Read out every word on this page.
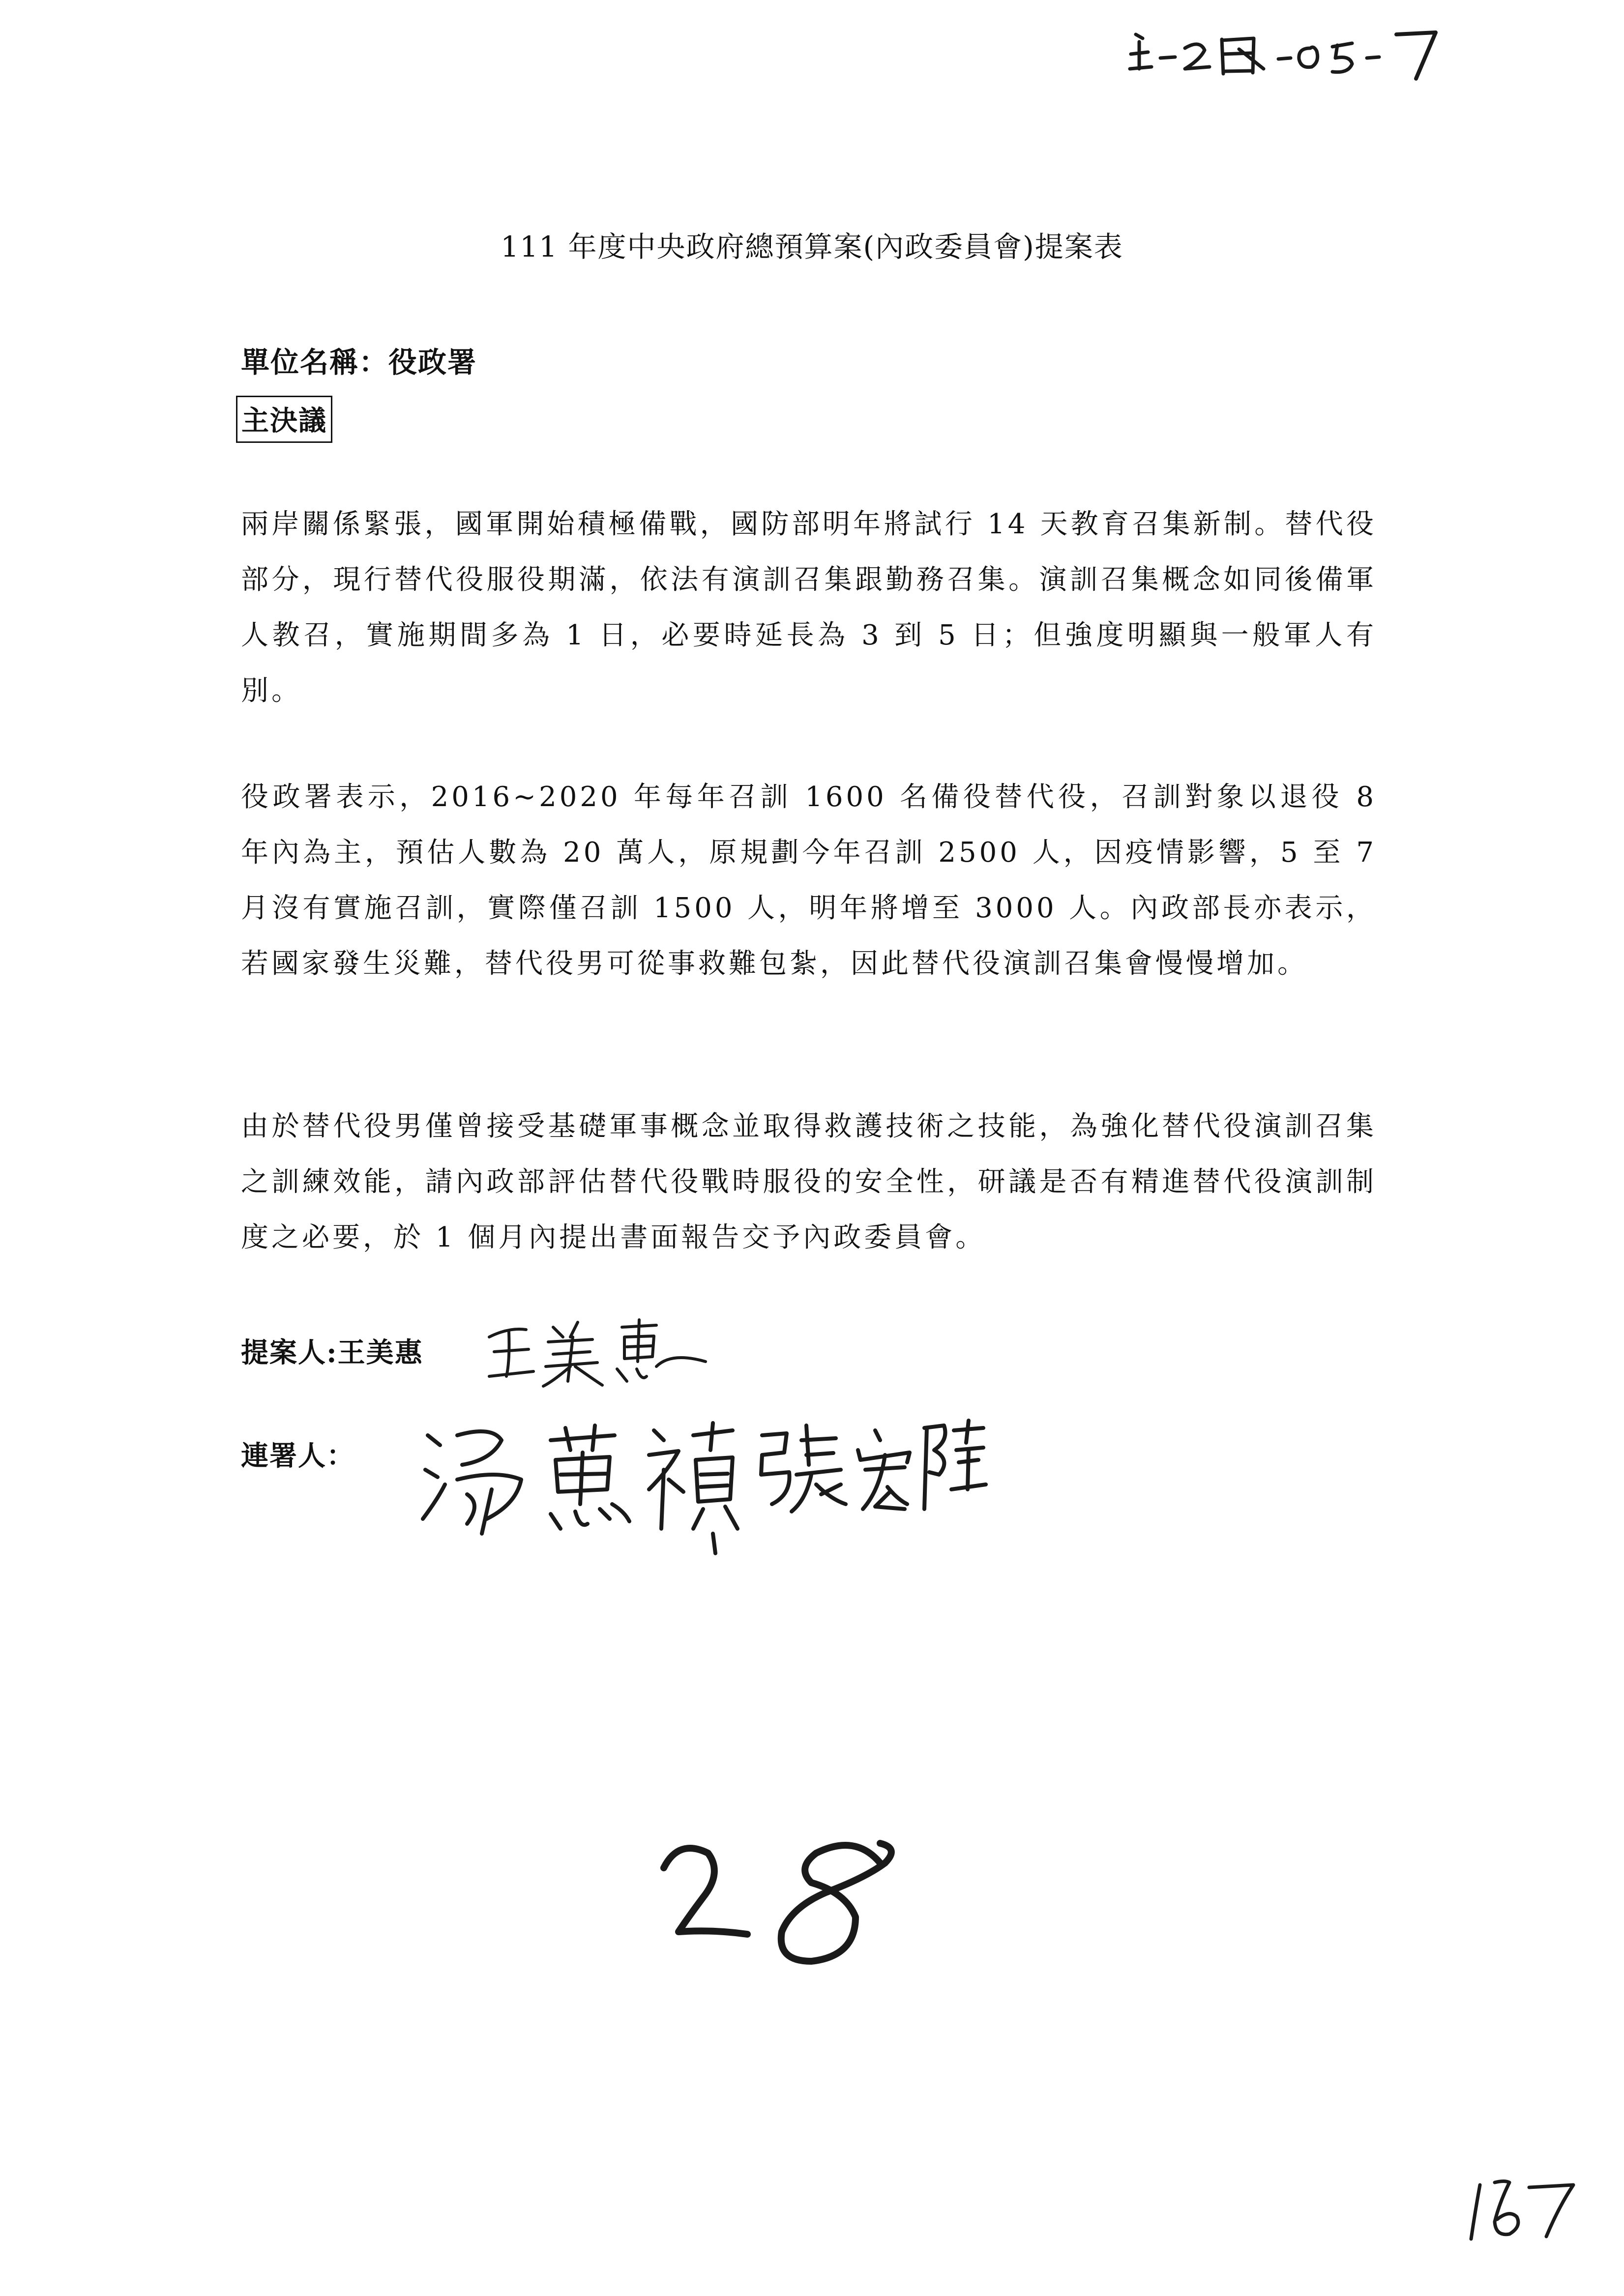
111 年度中央政府總預算案(內政委員會)提案表
單位名稱：役政署
主決議

兩岸關係緊張，國軍開始積極備戰，國防部明年將試行 14 天教育召集新制。替代役部分，現行替代役服役期滿，依法有演訓召集跟勤務召集。演訓召集概念如同後備軍人教召，實施期間多為 1 日，必要時延長為 3 到 5 日；但強度明顯與一般軍人有別。

役政署表示，2016~2020 年每年召訓 1600 名備役替代役，召訓對象以退役 8 年內為主，預估人數為 20 萬人，原規劃今年召訓 2500 人，因疫情影響，5 至 7 月沒有實施召訓，實際僅召訓 1500 人，明年將增至 3000 人。內政部長亦表示，若國家發生災難，替代役男可從事救難包紮，因此替代役演訓召集會慢慢增加。

由於替代役男僅曾接受基礎軍事概念並取得救護技術之技能，為強化替代役演訓召集之訓練效能，請內政部評估替代役戰時服役的安全性，研議是否有精進替代役演訓制度之必要，於 1 個月內提出書面報告交予內政委員會。

提案人:王美惠
連署人：
